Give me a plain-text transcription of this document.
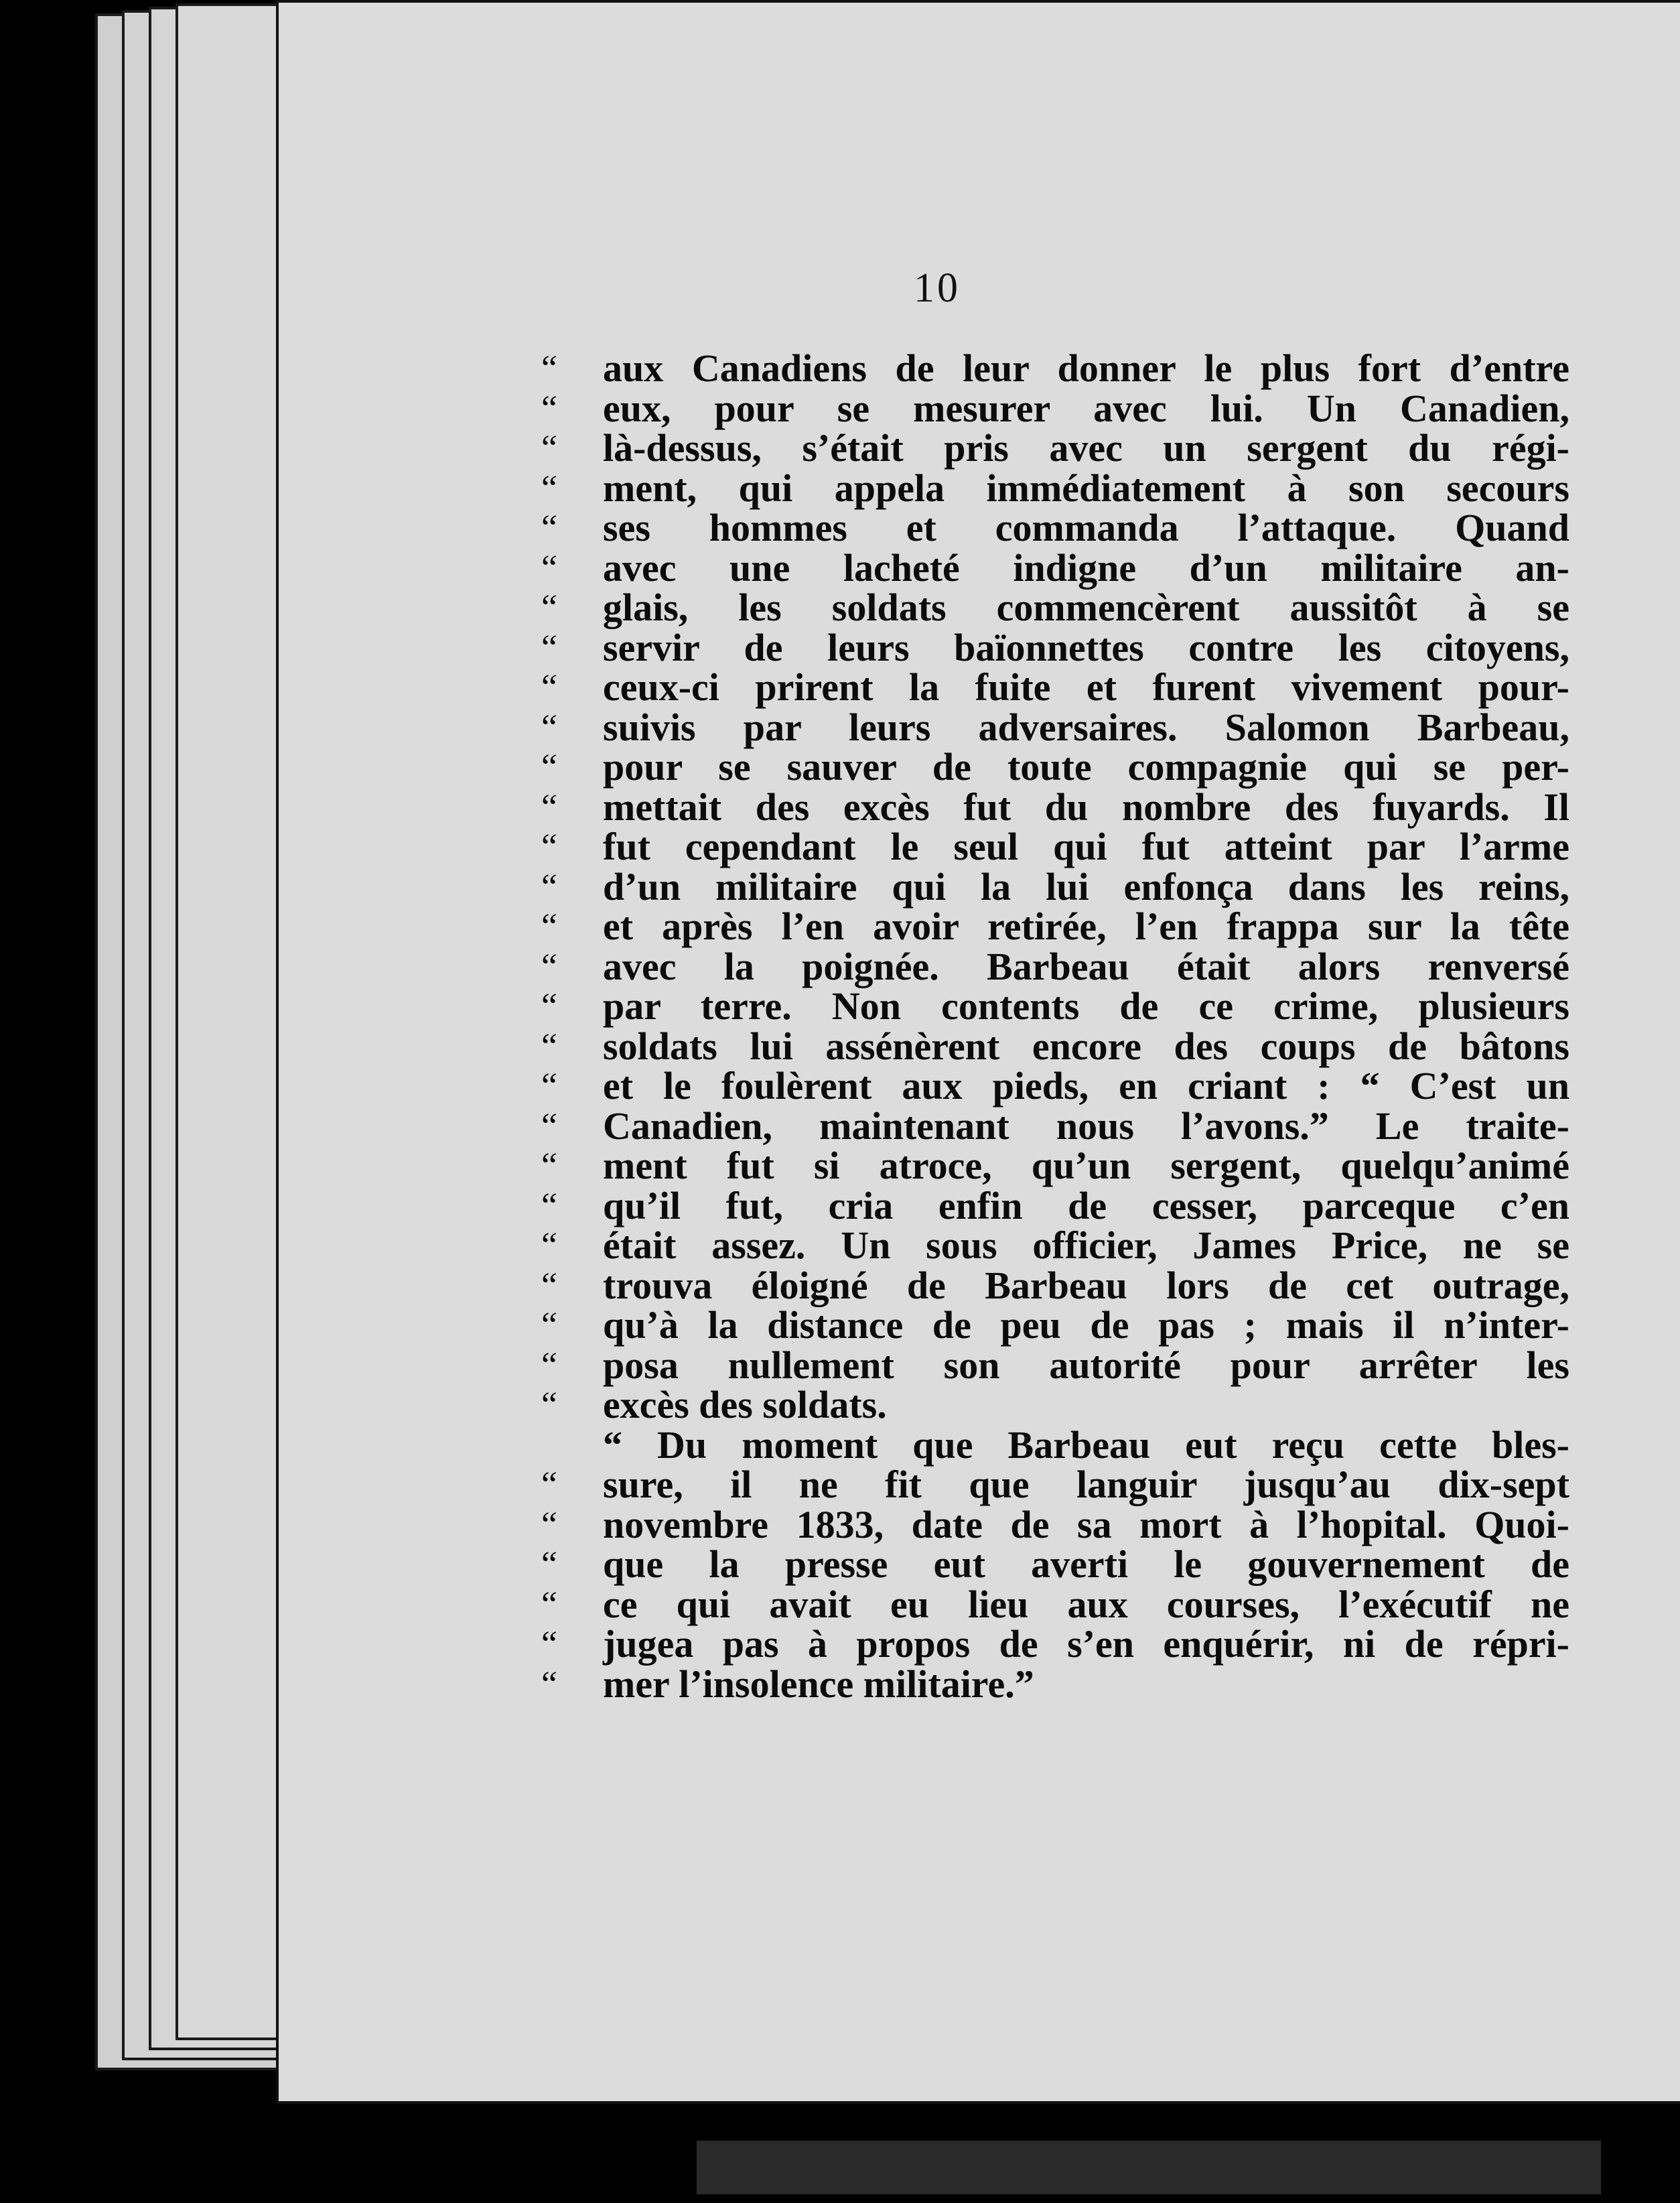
10
“ aux Canadiens de leur donner le plus fort d’entre
“ eux, pour se mesurer avec lui. Un Canadien,
“ là-dessus, s’était pris avec un sergent du régi-
“ ment, qui appela immédiatement à son secours
“ ses hommes et commanda l’attaque. Quand
“ avec une lacheté indigne d’un militaire an-
“ glais, les soldats commencèrent aussitôt à se
“ servir de leurs baïonnettes contre les citoyens,
“ ceux-ci prirent la fuite et furent vivement pour-
“ suivis par leurs adversaires. Salomon Barbeau,
“ pour se sauver de toute compagnie qui se per-
“ mettait des excès fut du nombre des fuyards. Il
“ fut cependant le seul qui fut atteint par l’arme
“ d’un militaire qui la lui enfonça dans les reins,
“ et après l’en avoir retirée, l’en frappa sur la tête
“ avec la poignée. Barbeau était alors renversé
“ par terre. Non contents de ce crime, plusieurs
“ soldats lui assénèrent encore des coups de bâtons
“ et le foulèrent aux pieds, en criant : “ C’est un
“ Canadien, maintenant nous l’avons.” Le traite-
“ ment fut si atroce, qu’un sergent, quelqu’animé
“ qu’il fut, cria enfin de cesser, parceque c’en
“ était assez. Un sous officier, James Price, ne se
“ trouva éloigné de Barbeau lors de cet outrage,
“ qu’à la distance de peu de pas ; mais il n’inter-
“ posa nullement son autorité pour arrêter les
“ excès des soldats.
“ Du moment que Barbeau eut reçu cette bles-
“ sure, il ne fit que languir jusqu’au dix-sept
“ novembre 1833, date de sa mort à l’hopital. Quoi-
“ que la presse eut averti le gouvernement de
“ ce qui avait eu lieu aux courses, l’exécutif ne
“ jugea pas à propos de s’en enquérir, ni de répri-
“ mer l’insolence militaire.”
